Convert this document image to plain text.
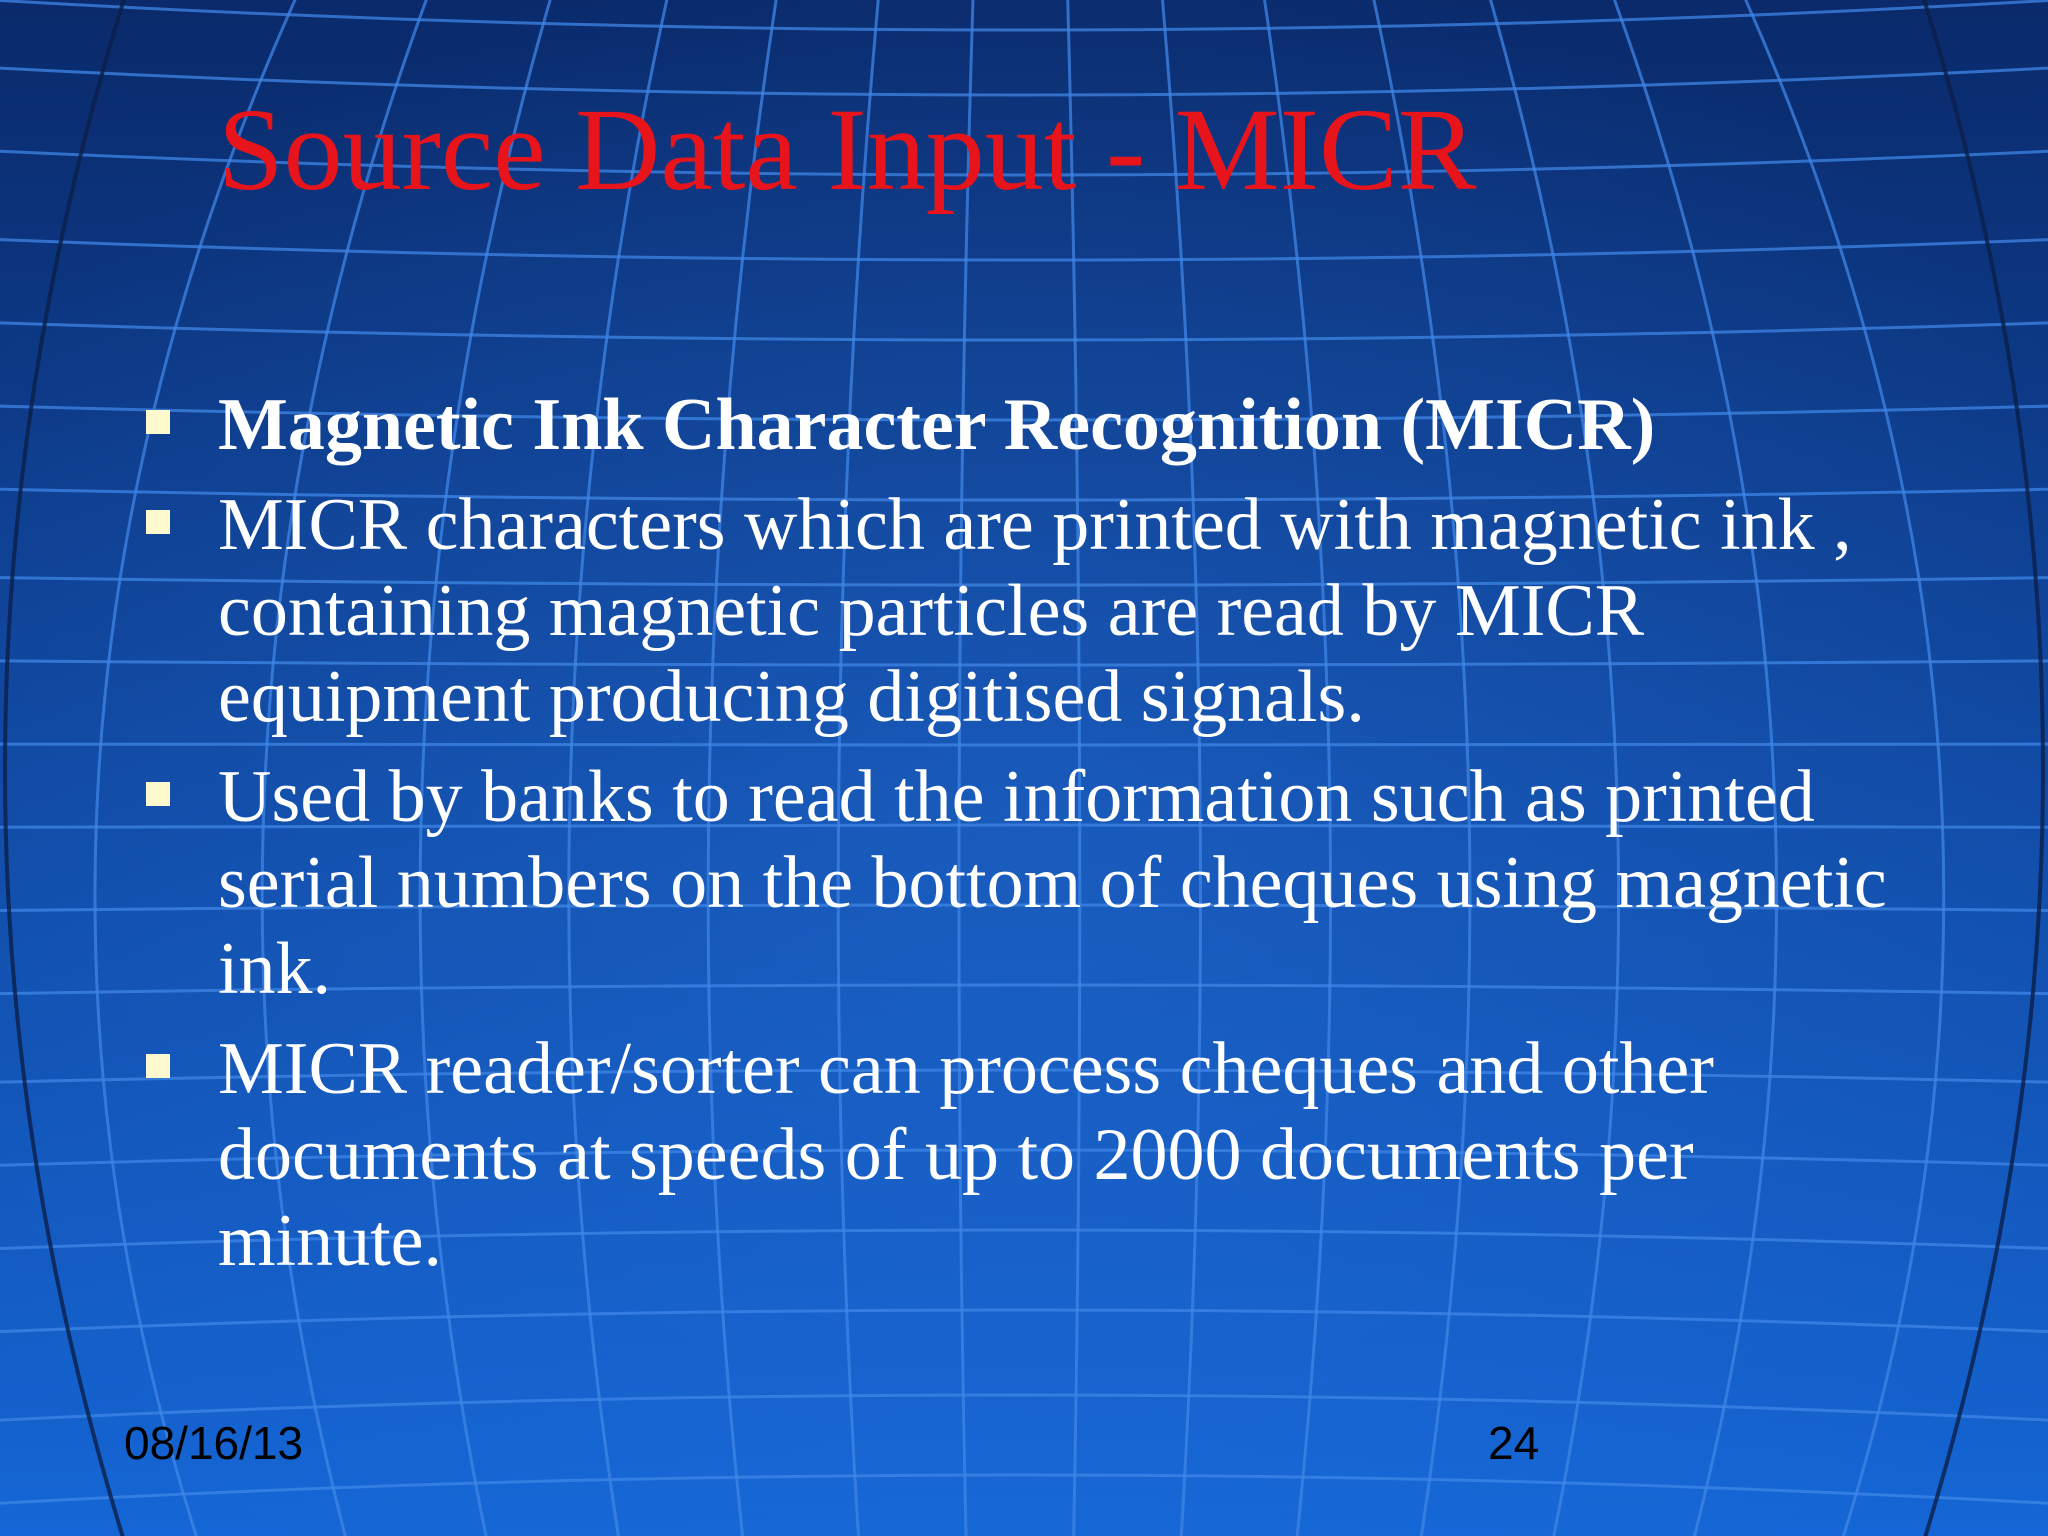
Source Data Input - MICR
Magnetic Ink Character Recognition (MICR)
MICR characters which are printed with magnetic ink , containing magnetic particles are read by MICR equipment producing digitised signals.
Used by banks to read the information such as printed serial numbers on the bottom of cheques using magnetic ink.
MICR reader/sorter can process cheques and other documents at speeds of up to 2000 documents per minute.
08/16/13	24
